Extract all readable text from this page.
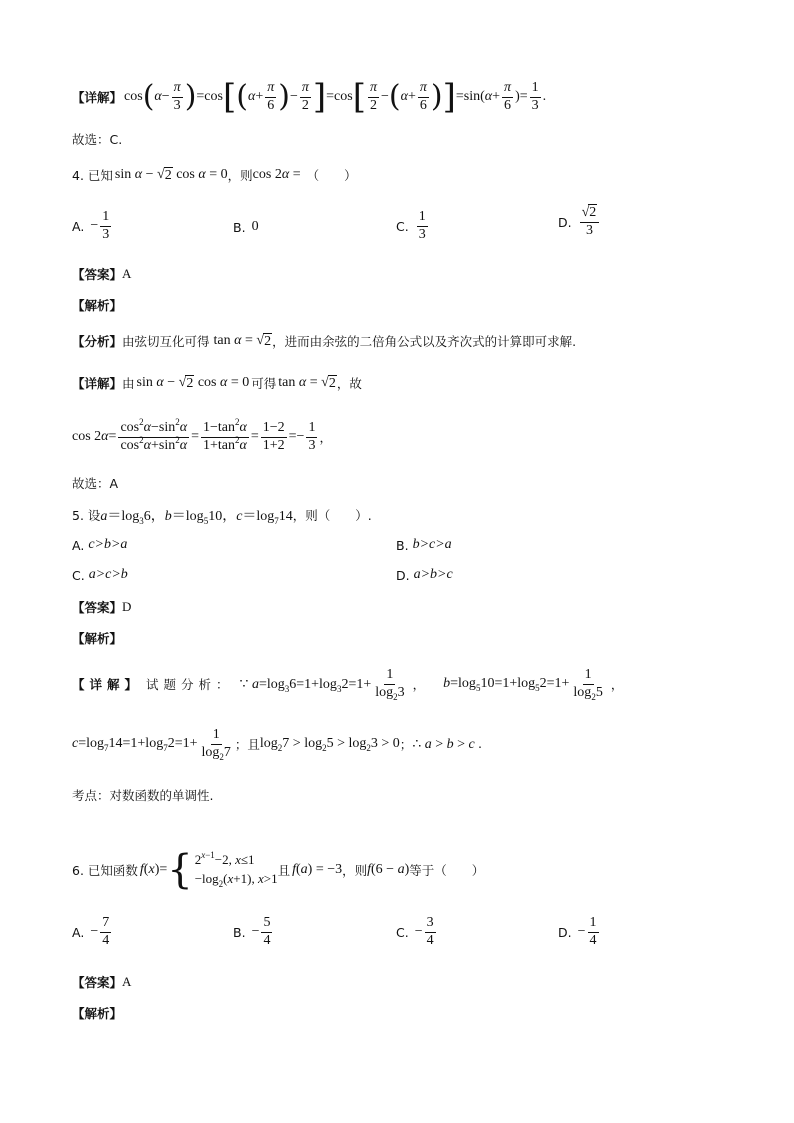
【详解】 cos ( $\alpha - \frac{\pi}{3}$ ) =cos [ ( $\alpha + \frac{\pi}{6}$ ) − $\frac{\pi}{2}$ ] =cos [ $\frac{\pi}{2}$ − ( $\alpha + \frac{\pi}{6}$ ) ] =sin( $\alpha + \frac{\pi}{6}$ )= $\frac{1}{3}$ .
故选：C.
4. 已知 sin α − √ 2 cos α = 0 ，则 cos 2 α = （　　）
A. − $\frac{1}{3}$	B. 0	C. $\frac{1}{3}$	D. $\frac{√2}{3}$
【答案】 A
【解析】
【分析】 由弦切互化可得 tan α = √ 2 ，进而由余弦的二倍角公式以及齐次式的计算即可求解.
【详解】 由 sin α − √ 2 cos α = 0 可得 tan α = √ 2 ，故
cos 2 $\alpha = \frac{\cos^2\alpha-\sin^2\alpha}{\cos^2\alpha+\sin^2\alpha} = \frac{1-\tan^2\alpha}{1+\tan^2\alpha} = \frac{1-2}{1+2} =- \frac{1}{3}$ ，
故选：A
5. 设 $a=\log_36$，$b=\log_510$，$c=\log_714$ ，则（　　）.
A. c>b>a	B. b>c>a
C. a>c>b	D. a>b>c
【答案】 D
【解析】
【详解】 试题分析： ∵ $a=\log_36=1+\log_32=1+ \frac{1}{\log_23}$ ， $b=\log_510=1+\log_52=1+ \frac{1}{\log_25}$ ，
$c=\log_714=1+\log_72=1+ \frac{1}{\log_27}$ ；且 $\log_27 > \log_25 > \log_23 > 0$ ； ∴ a > b > c .
考点：对数函数的单调性.
6. 已知函数 f(x)= { $2^{x-1}-2$, x≤1
$-\log_2(x+1)$, x>1
且 f(a) = −3 ，则 f(6 − a) 等于（　　）
A. − $\frac{7}{4}$	B. − $\frac{5}{4}$	C. − $\frac{3}{4}$	D. − $\frac{1}{4}$
【答案】 A
【解析】
